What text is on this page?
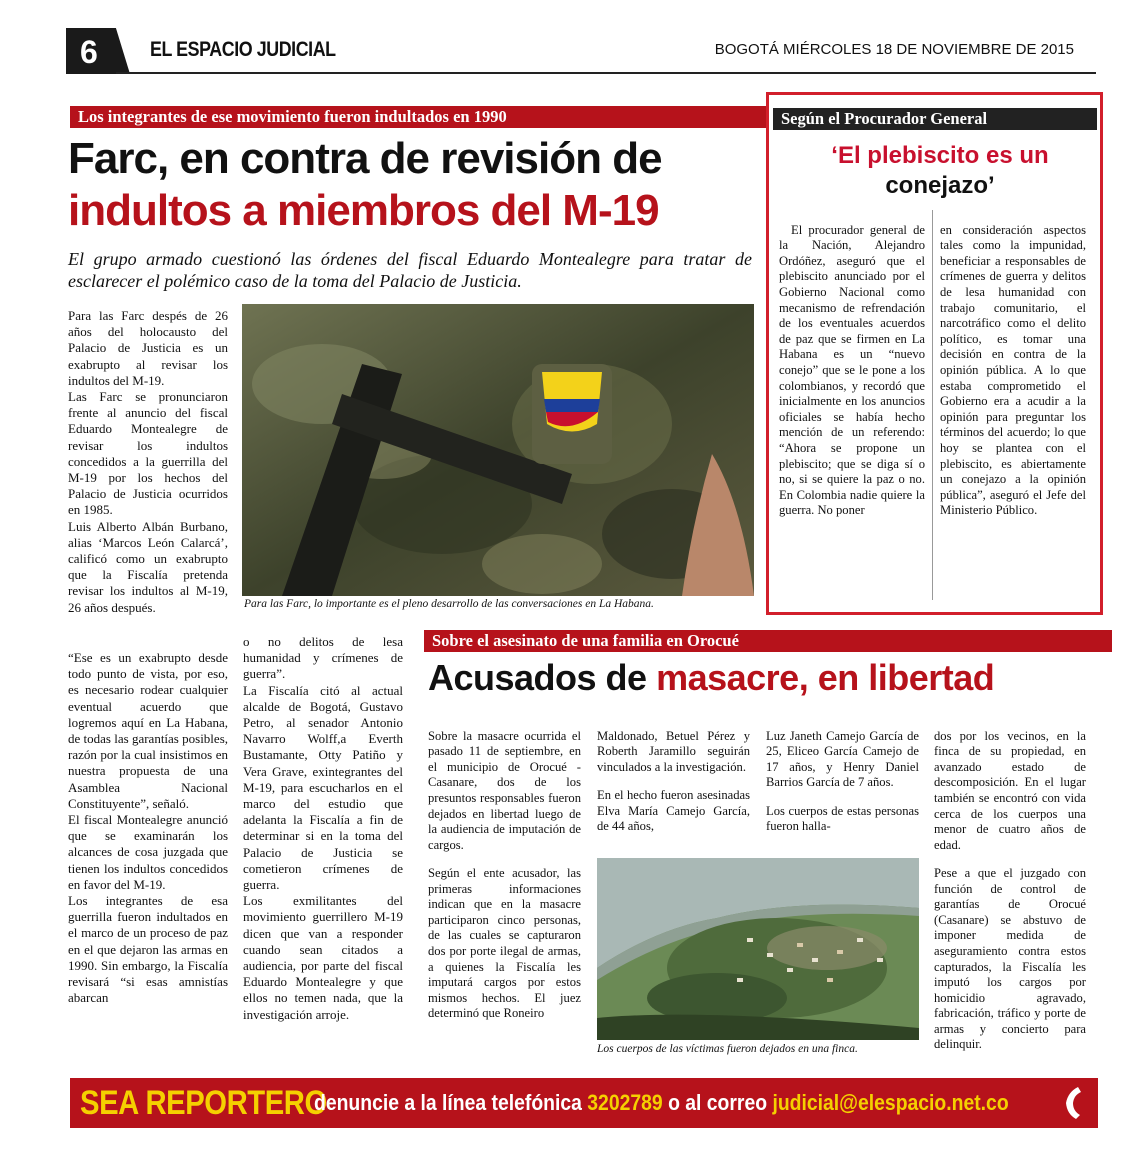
6 EL ESPACIO JUDICIAL	BOGOTÁ MIÉRCOLES 18 DE NOVIEMBRE DE 2015
Los integrantes de ese movimiento fueron indultados en 1990
Farc, en contra de revisión de
indultos a miembros del M-19
El grupo armado cuestionó las órdenes del fiscal Eduardo Montealegre para tratar de esclarecer el polémico caso de la toma del Palacio de Justicia.

Para las Farc despés de 26 años del holocausto del Palacio de Justicia es un exabrupto al revisar los indultos del M-19.

Las Farc se pronunciaron frente al anuncio del fiscal Eduardo Montealegre de revisar los indultos concedidos a la guerrilla del M-19 por los hechos del Palacio de Justicia ocurridos en 1985.

Luis Alberto Albán Burbano, alias ‘Marcos León Calarcá’, calificó como un exabrupto que la Fiscalía pretenda revisar los indultos al M-19, 26 años después.

“Ese es un exabrupto desde todo punto de vista, por eso, es necesario rodear cualquier eventual acuerdo que logremos aquí en La Habana, de todas las garantías posibles, razón por la cual insistimos en nuestra propuesta de una Asamblea Nacional Constituyente”, señaló.

El fiscal Montealegre anunció que se examinarán los alcances de cosa juzgada que tienen los indultos concedidos en favor del M-19.

Los integrantes de esa guerrilla fueron indultados en el marco de un proceso de paz en el que dejaron las armas en 1990. Sin embargo, la Fiscalía revisará “si esas amnistías abarcan

Para las Farc, lo importante es el pleno desarrollo de las conversaciones en La Habana.

o no delitos de lesa humanidad y crímenes de guerra”.

La Fiscalía citó al actual alcalde de Bogotá, Gustavo Petro, al senador Antonio Navarro Wolff,a Everth Bustamante, Otty Patiño y Vera Grave, exintegrantes del M-19, para escucharlos en el marco del estudio que adelanta la Fiscalía a fin de determinar si en la toma del Palacio de Justicia se cometieron crímenes de guerra.

Los exmilitantes del movimiento guerrillero M-19 dicen que van a responder cuando sean citados a audiencia, por parte del fiscal Eduardo Montealegre y que ellos no temen nada, que la investigación arroje.

Según el Procurador General
‘El plebiscito es un
conejazo’

El procurador general de la Nación, Alejandro Ordóñez, aseguró que el plebiscito anunciado por el Gobierno Nacional como mecanismo de refrendación de los eventuales acuerdos de paz que se firmen en La Habana es un “nuevo conejo” que se le pone a los colombianos, y recordó que inicialmente en los anuncios oficiales se había hecho mención de un referendo: “Ahora se propone un plebiscito; que se diga sí o no, si se quiere la paz o no. En Colombia nadie quiere la guerra. No poner

en consideración aspectos tales como la impunidad, beneficiar a responsables de crímenes de guerra y delitos de lesa humanidad con trabajo comunitario, el narcotráfico como el delito político, es tomar una decisión en contra de la opinión pública. A lo que estaba comprometido el Gobierno era a acudir a la opinión para preguntar los términos del acuerdo; lo que hoy se plantea con el plebiscito, es abiertamente un conejazo a la opinión pública”, aseguró el Jefe del Ministerio Público.

Sobre el asesinato de una familia en Orocué
Acusados de masacre, en libertad

Sobre la masacre ocurrida el pasado 11 de septiembre, en el municipio de Orocué - Casanare, dos de los presuntos responsables fueron dejados en libertad luego de la audiencia de imputación de cargos.

Según el ente acusador, las primeras informaciones indican que en la masacre participaron cinco personas, de las cuales se capturaron dos por porte ilegal de armas, a quienes la Fiscalía les imputará cargos por estos mismos hechos. El juez determinó que Roneiro

Maldonado, Betuel Pérez y Roberth Jaramillo seguirán vinculados a la investigación.

En el hecho fueron asesinadas Elva María Camejo García, de 44 años,

Luz Janeth Camejo García de 25, Eliceo García Camejo de 17 años, y Henry Daniel Barrios García de 7 años.

Los cuerpos de estas personas fueron halla-

dos por los vecinos, en la finca de su propiedad, en avanzado estado de descomposición. En el lugar también se encontró con vida cerca de los cuerpos una menor de cuatro años de edad.

Pese a que el juzgado con función de control de garantías de Orocué (Casanare) se abstuvo de imponer medida de aseguramiento contra estos capturados, la Fiscalía les imputó los cargos por homicidio agravado, fabricación, tráfico y porte de armas y concierto para delinquir.

Los cuerpos de las víctimas fueron dejados en una finca.
SEA REPORTERO
denuncie a la línea telefónica 3202789 o al correo judicial@elespacio.net.co
